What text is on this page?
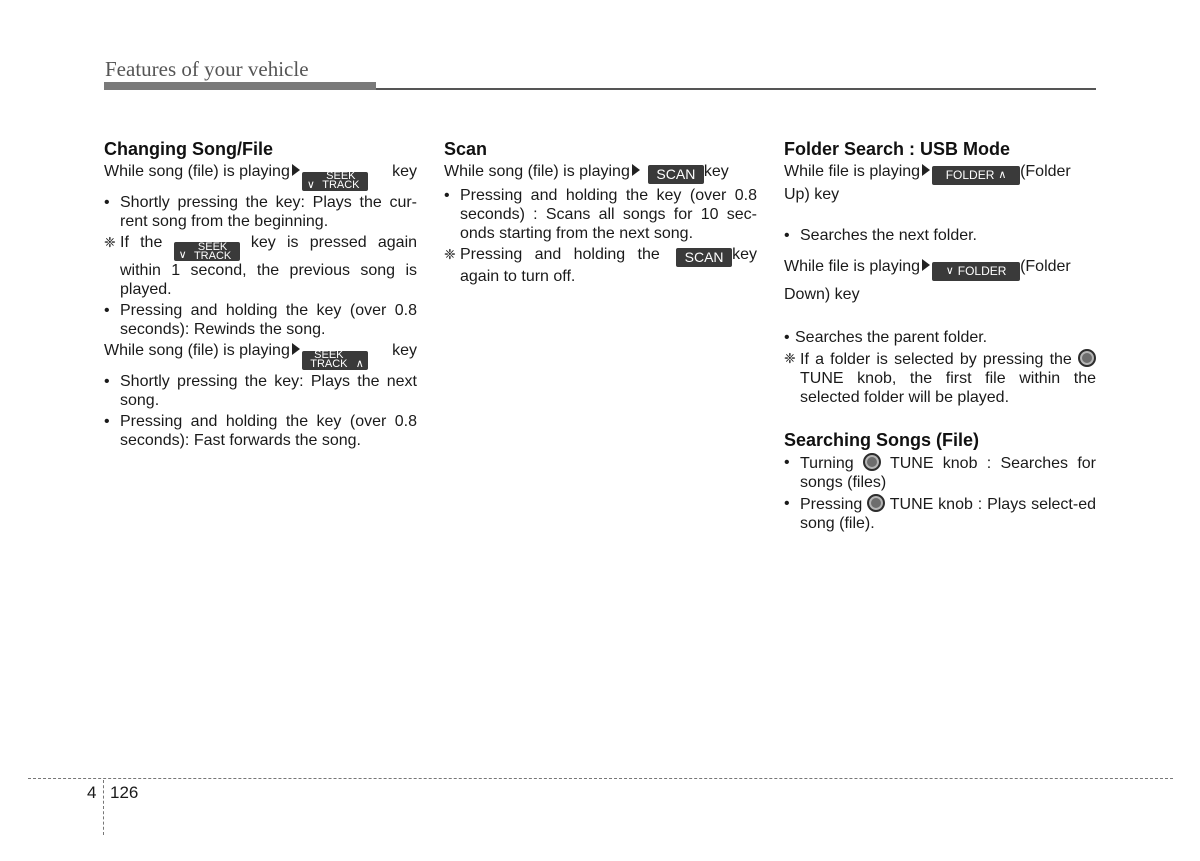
Features of your vehicle
Changing Song/File

While song (file) is playing
∨
SEEK
TRACK
key

• Shortly pressing the key: Plays the cur-rent song from the beginning.
❈ If the
∨
SEEK
TRACK
key is pressed again within 1 second, the previous song is played.
• Pressing and holding the key (over 0.8 seconds): Rewinds the song.

While song (file) is playing	SEEK
TRACK ∧
key

• Shortly pressing the key: Plays the next song.
• Pressing and holding the key (over 0.8 seconds): Fast forwards the song.
Scan

While song (file) is playing SCAN key

• Pressing and holding the key (over 0.8 seconds) : Scans all songs for 10 sec-onds starting from the next song.
❈ Pressing and holding the SCAN key again to turn off.
Folder Search : USB Mode

While file is playing FOLDER ∧ (Folder Up) key

• Searches the next folder.

While file is playing ∨ FOLDER (Folder Down) key

• Searches the parent folder.
❈ If a folder is selected by pressing the  TUNE knob, the first file within the selected folder will be played.
Searching Songs (File)
• Turning TUNE knob : Searches for songs (files)
• Pressing TUNE knob : Plays select-ed song (file).
4 126
